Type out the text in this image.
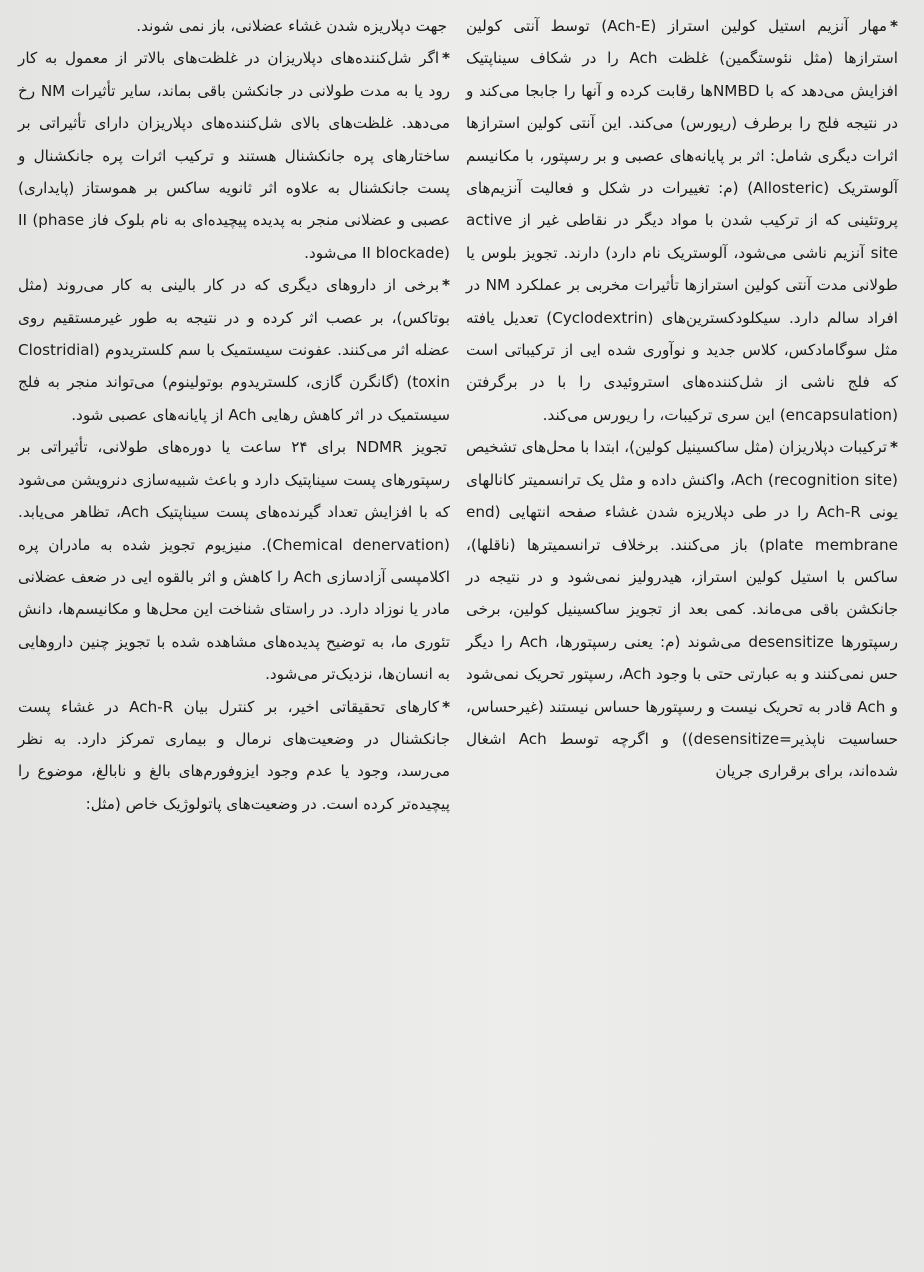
*مهار آنزیم استیل کولین استراز (Ach-E) توسط آنتی کولین استرازها (مثل نئوستگمین) غلظت Ach را در شکاف سیناپتیک افزایش می‌دهد که با NMBDها رقابت کرده و آنها را جابجا می‌کند و در نتیجه فلج را برطرف (ریورس) می‌کند. این آنتی کولین استرازها اثرات دیگری شامل: اثر بر پایانه‌های عصبی و بر رسپتور، با مکانیسم آلوستریک (Allosteric) (م: تغییرات در شکل و فعالیت آنزیم‌های پروتئینی که از ترکیب شدن با مواد دیگر در نقاطی غیر از active site آنزیم ناشی می‌شود، آلوستریک نام دارد) دارند. تجویز بلوس یا طولانی مدت آنتی کولین استرازها تأثیرات مخربی بر عملکرد NM در افراد سالم دارد. سیکلودکسترین‌های (Cyclodextrin) تعدیل یافته مثل سوگامادکس، کلاس جدید و نوآوری شده ایی از ترکیباتی است که فلج ناشی از شل‌کننده‌های استروئیدی را با در برگرفتن (encapsulation) این سری ترکیبات، را ریورس می‌کند.

*ترکیبات دپلاریزان (مثل ساکسینیل کولین)، ابتدا با محل‌های تشخیص Ach (recognition site)، واکنش داده و مثل یک ترانسمیتر کانالهای یونی Ach-R را در طی دپلاریزه شدن غشاء صفحه انتهایی (end plate membrane) باز می‌کنند. برخلاف ترانسمیترها (ناقلها)، ساکس با استیل کولین استراز، هیدرولیز نمی‌شود و در نتیجه در جانکشن باقی می‌ماند. کمی بعد از تجویز ساکسینیل کولین، برخی رسپتورها desensitize می‌شوند (م: یعنی رسپتورها، Ach را دیگر حس نمی‌کنند و به عبارتی حتی با وجود Ach، رسپتور تحریک نمی‌شود و Ach قادر به تحریک نیست و رسپتورها حساس نیستند (غیرحساس، حساسیت ناپذیر=desensitize)) و اگرچه توسط Ach اشغال شده‌اند، برای برقراری جریان

جهت دپلاریزه شدن غشاء عضلانی، باز نمی شوند.

*اگر شل‌کننده‌های دپلاریزان در غلظت‌های بالاتر از معمول به کار رود یا به مدت طولانی در جانکشن باقی بماند، سایر تأثیرات NM رخ می‌دهد. غلظت‌های بالای شل‌کننده‌های دپلاریزان دارای تأثیراتی بر ساختارهای پره جانکشنال هستند و ترکیب اثرات پره جانکشنال و پست جانکشنال به علاوه اثر ثانویه ساکس بر هموستاز (پایداری) عصبی و عضلانی منجر به پدیده پیچیده‌ای به نام بلوک فاز II (phase II blockade) می‌شود.

*برخی از داروهای دیگری که در کار بالینی به کار می‌روند (مثل بوتاکس)، بر عصب اثر کرده و در نتیجه به طور غیرمستقیم روی عضله اثر می‌کنند. عفونت سیستمیک با سم کلستریدوم (Clostridial toxin) (گانگرن گازی، کلستریدوم بوتولینوم) می‌تواند منجر به فلج سیستمیک در اثر کاهش رهایی Ach از پایانه‌های عصبی شود.

تجویز NDMR برای ۲۴ ساعت یا دوره‌های طولانی، تأثیراتی بر رسپتورهای پست سیناپتیک دارد و باعث شبیه‌سازی دنرویشن می‌شود که با افزایش تعداد گیرنده‌های پست سیناپتیک Ach، تظاهر می‌یابد. (Chemical denervation). منیزیوم تجویز شده به مادران پره اکلامپسی آزادسازی Ach را کاهش و اثر بالقوه ایی در ضعف عضلانی مادر یا نوزاد دارد. در راستای شناخت این محل‌ها و مکانیسم‌ها، دانش تئوری ما، به توضیح پدیده‌های مشاهده شده با تجویز چنین داروهایی به انسان‌ها، نزدیک‌تر می‌شود.

*کارهای تحقیقاتی اخیر، بر کنترل بیان Ach-R در غشاء پست جانکشنال در وضعیت‌های نرمال و بیماری تمرکز دارد. به نظر می‌رسد، وجود یا عدم وجود ایزوفورم‌های بالغ و نابالغ، موضوع را پیچیده‌تر کرده است. در وضعیت‌های پاتولوژیک خاص (مثل:
